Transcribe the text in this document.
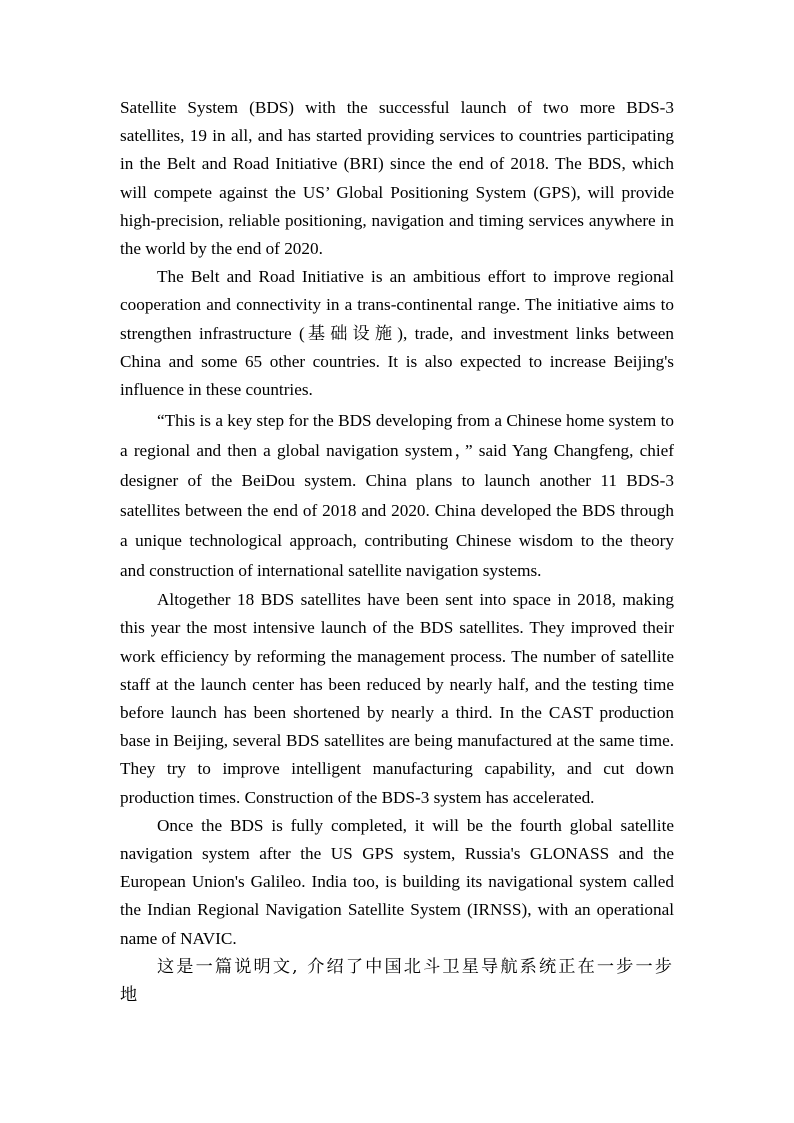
Satellite System (BDS) with the successful launch of two more BDS-3 satellites, 19 in all, and has started providing services to countries participating in the Belt and Road Initiative (BRI) since the end of 2018. The BDS, which will compete against the US’ Global Positioning System (GPS), will provide high-precision, reliable positioning, navigation and timing services anywhere in the world by the end of 2020.

The Belt and Road Initiative is an ambitious effort to improve regional cooperation and connectivity in a trans-continental range. The initiative aims to strengthen infrastructure (基础设施), trade, and investment links between China and some 65 other countries. It is also expected to increase Beijing's influence in these countries.

“This is a key step for the BDS developing from a Chinese home system to a regional and then a global navigation system，” said Yang Changfeng, chief designer of the BeiDou system. China plans to launch another 11 BDS-3 satellites between the end of 2018 and 2020. China developed the BDS through a unique technological approach, contributing Chinese wisdom to the theory and construction of international satellite navigation systems.

Altogether 18 BDS satellites have been sent into space in 2018, making this year the most intensive launch of the BDS satellites. They improved their work efficiency by reforming the management process. The number of satellite staff at the launch center has been reduced by nearly half, and the testing time before launch has been shortened by nearly a third. In the CAST production base in Beijing, several BDS satellites are being manufactured at the same time. They try to improve intelligent manufacturing capability, and cut down production times. Construction of the BDS-3 system has accelerated.

Once the BDS is fully completed, it will be the fourth global satellite navigation system after the US GPS system, Russia's GLONASS and the European Union's Galileo. India too, is building its navigational system called the Indian Regional Navigation Satellite System (IRNSS), with an operational name of NAVIC.

这是一篇说明文, 介绍了中国北斗卫星导航系统正在一步一步地
